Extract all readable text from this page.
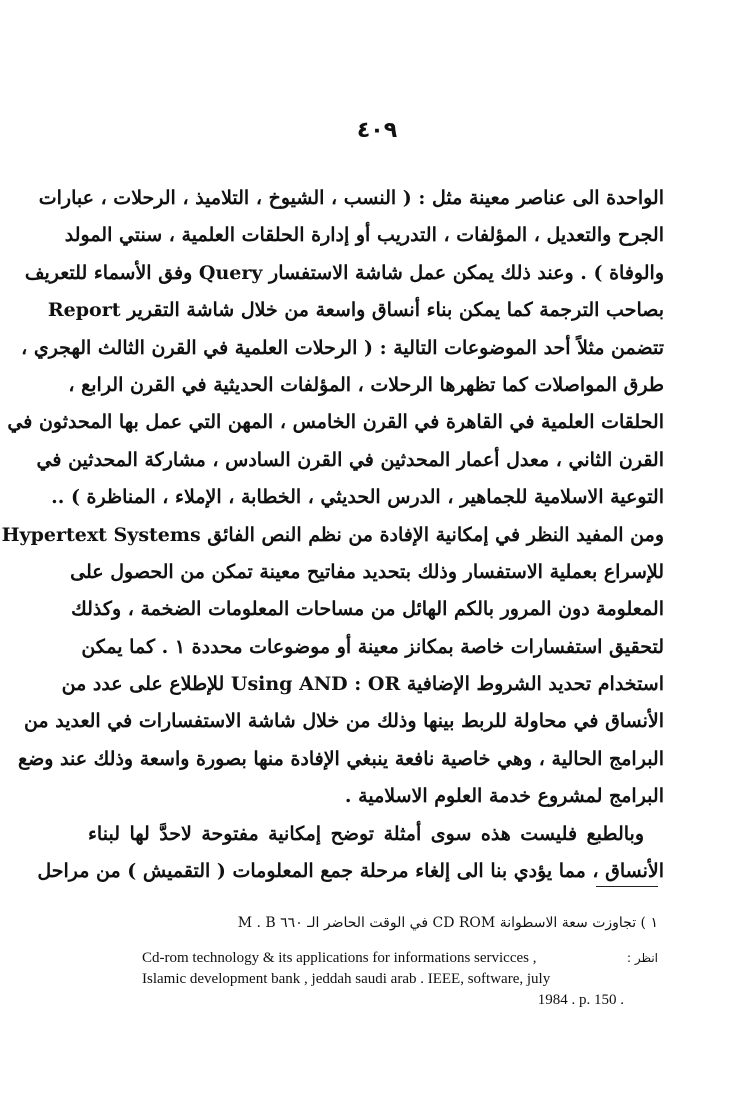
٤٠٩
الواحدة الى عناصر معينة مثل : ( النسب ، الشيوخ ، التلاميذ ، الرحلات ، عبارات
الجرح والتعديل ، المؤلفات ، التدريب أو إدارة الحلقات العلمية ، سنتي المولد
والوفاة ) . وعند ذلك يمكن عمل شاشة الاستفسار Query وفق الأسماء للتعريف
بصاحب الترجمة كما يمكن بناء أنساق واسعة من خلال شاشة التقرير Report
تتضمن مثلاً أحد الموضوعات التالية : ( الرحلات العلمية في القرن الثالث الهجري ،
طرق المواصلات كما تظهرها الرحلات ، المؤلفات الحديثية في القرن الرابع ،
الحلقات العلمية في القاهرة في القرن الخامس ، المهن التي عمل بها المحدثون في
القرن الثاني ، معدل أعمار المحدثين في القرن السادس ، مشاركة المحدثين في
التوعية الاسلامية للجماهير ، الدرس الحديثي ، الخطابة ، الإملاء ، المناظرة ) ..
ومن المفيد النظر في إمكانية الإفادة من نظم النص الفائق Hypertext Systems
للإسراع بعملية الاستفسار وذلك بتحديد مفاتيح معينة تمكن من الحصول على
المعلومة دون المرور بالكم الهائل من مساحات المعلومات الضخمة ، وكذلك
لتحقيق استفسارات خاصة بمكانز معينة أو موضوعات محددة ١ . كما يمكن
استخدام تحديد الشروط الإضافية Using AND : OR للإطلاع على عدد من
الأنساق في محاولة للربط بينها وذلك من خلال شاشة الاستفسارات في العديد من
البرامج الحالية ، وهي خاصية نافعة ينبغي الإفادة منها بصورة واسعة وذلك عند وضع
البرامج لمشروع خدمة العلوم الاسلامية .
وبالطبع فليست هذه سوى أمثلة توضح إمكانية مفتوحة لاحدَّ لها لبناء
الأنساق ، مما يؤدي بنا الى إلغاء مرحلة جمع المعلومات ( التقميش ) من مراحل
١ ) تجاوزت سعة الاسطوانة CD ROM في الوقت الحاضر الـ ٦٦٠ M . B
Cd-rom technology & its applications for informations servicces ,	انظر :
Islamic development bank , jeddah saudi arab . IEEE, software, july
1984 . p. 150 .
